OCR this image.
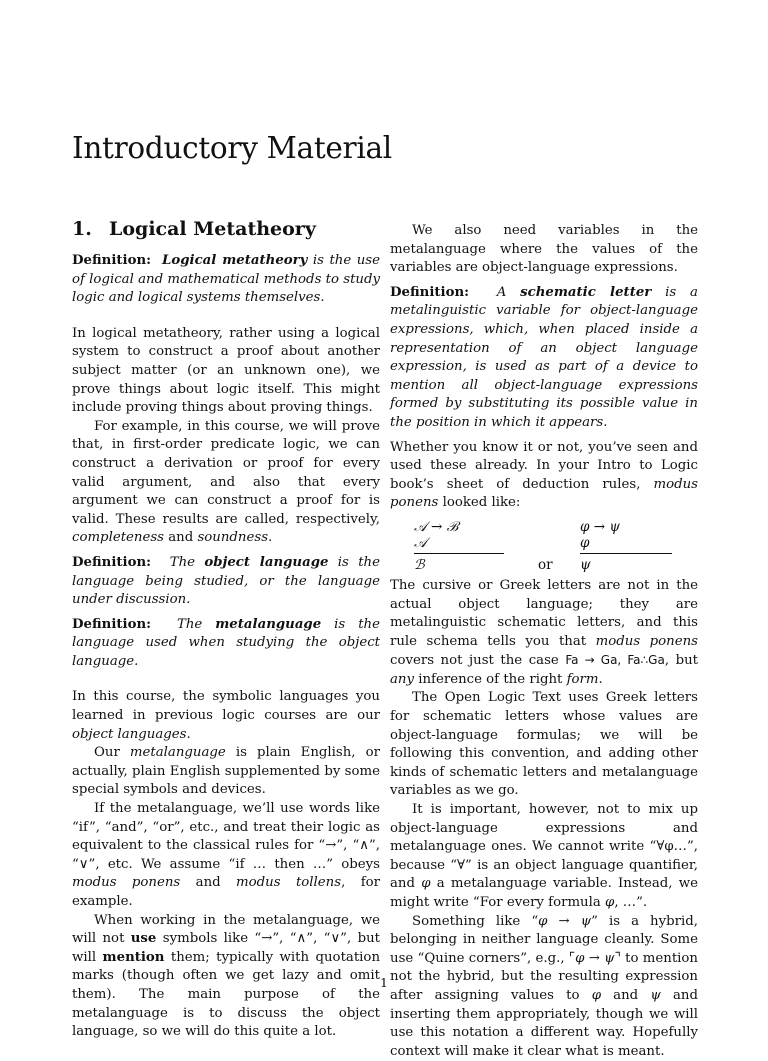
Introductory Material
1. Logical Metatheory

Definition: Logical metatheory is the use of logical and mathematical methods to study logic and logical systems themselves.

In logical metatheory, rather using a logical system to construct a proof about another subject matter (or an unknown one), we prove things about logic itself. This might include proving things about proving things.

For example, in this course, we will prove that, in first-order predicate logic, we can construct a derivation or proof for every valid argument, and also that every argument we can construct a proof for is valid. These results are called, respectively, completeness and soundness.

Definition: The object language is the language being studied, or the language under discussion.

Definition: The metalanguage is the language used when studying the object language.

In this course, the symbolic languages you learned in previous logic courses are our object languages.

Our metalanguage is plain English, or actually, plain English supplemented by some special symbols and devices.

If the metalanguage, we’ll use words like “if”, “and”, “or”, etc., and treat their logic as equivalent to the classical rules for “→”, “∧”, “∨”, etc. We assume “if … then …” obeys modus ponens and modus tollens, for example.

When working in the metalanguage, we will not use symbols like “→”, “∧”, “∨”, but will mention them; typically with quotation marks (though often we get lazy and omit them). The main purpose of the metalanguage is to discuss the object language, so we will do this quite a lot.

We also need variables in the metalanguage where the values of the variables are object-language expressions.

Definition: A schematic letter is a metalinguistic variable for object-language expressions, which, when placed inside a representation of an object language expression, is used as part of a device to mention all object-language expressions formed by substituting its possible value in the position in which it appears.

Whether you know it or not, you’ve seen and used these already. In your Intro to Logic book’s sheet of deduction rules, modus ponens looked like:

𝒜 → ℬ
𝒜
ℬ	or
φ → ψ
φ
ψ

The cursive or Greek letters are not in the actual object language; they are metalinguistic schematic letters, and this rule schema tells you that modus ponens covers not just the case Fa → Ga, Fa∴Ga, but any inference of the right form.

The Open Logic Text uses Greek letters for schematic letters whose values are object-language formulas; we will be following this convention, and adding other kinds of schematic letters and metalanguage variables as we go.

It is important, however, not to mix up object-language expressions and metalanguage ones. We cannot write “∀φ…”, because “∀” is an object language quantifier, and φ a metalanguage variable. Instead, we might write “For every formula φ, …”.

Something like “φ → ψ” is a hybrid, belonging in neither language cleanly. Some use “Quine corners”, e.g., ⌜φ → ψ⌝ to mention not the hybrid, but the resulting expression after assigning values to φ and ψ and inserting them appropriately, though we will use this notation a different way. Hopefully context will make it clear what is meant.

1
